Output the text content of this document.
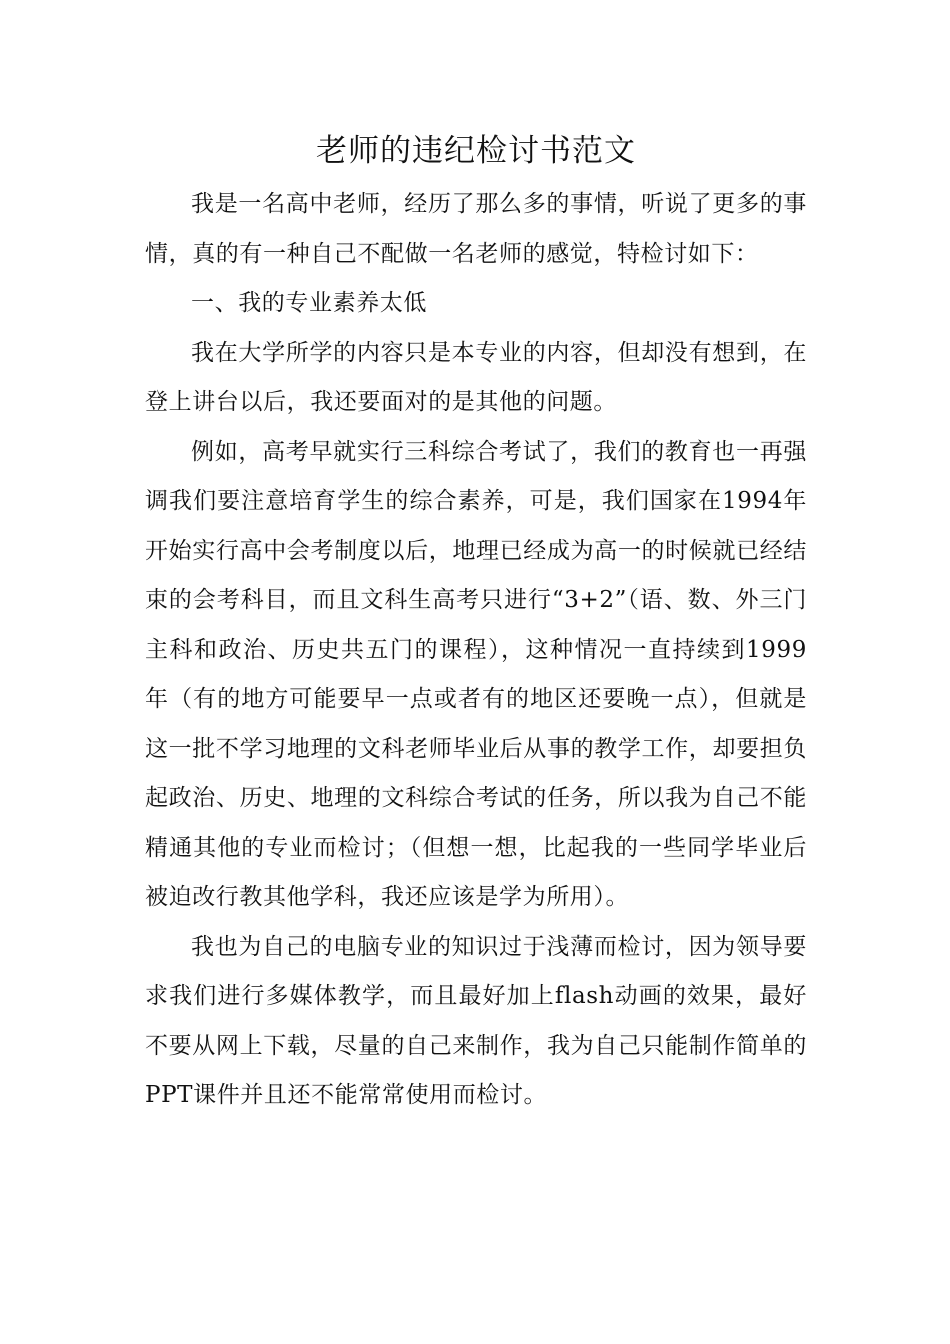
老师的违纪检讨书范文

我是一名高中老师，经历了那么多的事情，听说了更多的事情，真的有一种自己不配做一名老师的感觉，特检讨如下：

一、我的专业素养太低

我在大学所学的内容只是本专业的内容，但却没有想到，在登上讲台以后，我还要面对的是其他的问题。

例如，高考早就实行三科综合考试了，我们的教育也一再强调我们要注意培育学生的综合素养，可是，我们国家在1994年开始实行高中会考制度以后，地理已经成为高一的时候就已经结束的会考科目，而且文科生高考只进行“3+2”（语、数、外三门主科和政治、历史共五门的课程），这种情况一直持续到1999年（有的地方可能要早一点或者有的地区还要晚一点），但就是这一批不学习地理的文科老师毕业后从事的教学工作，却要担负起政治、历史、地理的文科综合考试的任务，所以我为自己不能精通其他的专业而检讨；（但想一想，比起我的一些同学毕业后被迫改行教其他学科，我还应该是学为所用）。

我也为自己的电脑专业的知识过于浅薄而检讨，因为领导要求我们进行多媒体教学，而且最好加上flash动画的效果，最好不要从网上下载，尽量的自己来制作，我为自己只能制作简单的PPT课件并且还不能常常使用而检讨。
